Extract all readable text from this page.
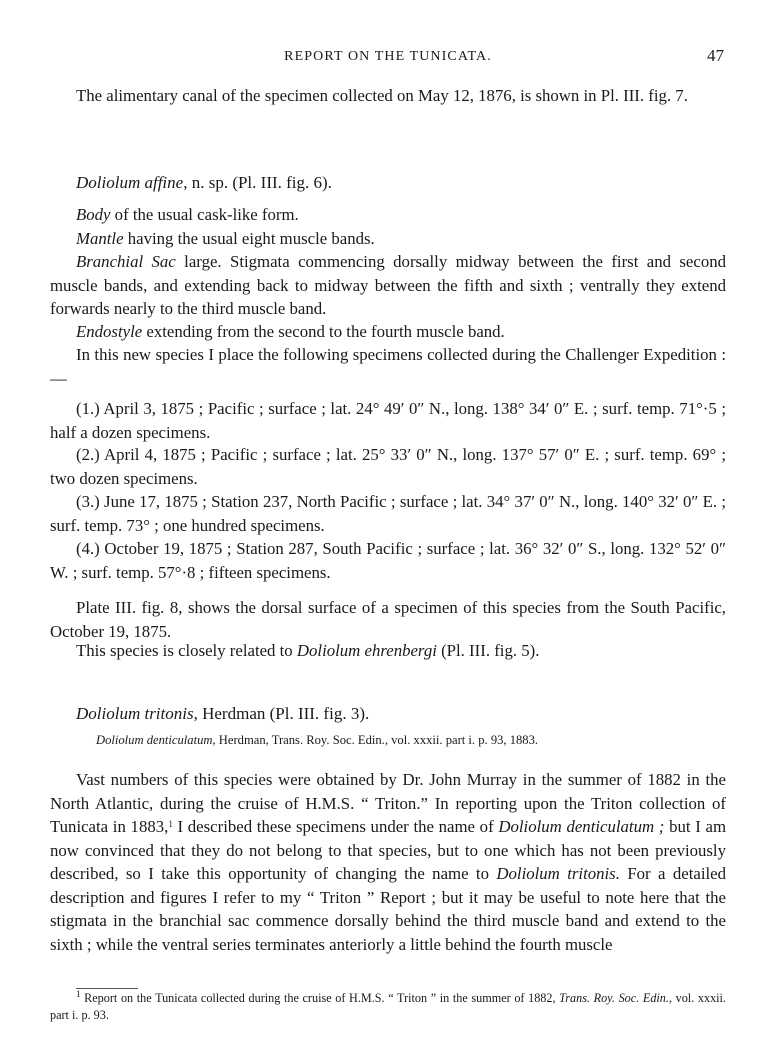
REPORT ON THE TUNICATA.	47

The alimentary canal of the specimen collected on May 12, 1876, is shown in Pl. III. fig. 7.

Doliolum affine, n. sp. (Pl. III. fig. 6).

Body of the usual cask-like form.

Mantle having the usual eight muscle bands.

Branchial Sac large. Stigmata commencing dorsally midway between the first and second muscle bands, and extending back to midway between the fifth and sixth ; ventrally they extend forwards nearly to the third muscle band.

Endostyle extending from the second to the fourth muscle band.

In this new species I place the following specimens collected during the Challenger Expedition :—

(1.) April 3, 1875 ; Pacific ; surface ; lat. 24° 49′ 0″ N., long. 138° 34′ 0″ E. ; surf. temp. 71°·5 ; half a dozen specimens.

(2.) April 4, 1875 ; Pacific ; surface ; lat. 25° 33′ 0″ N., long. 137° 57′ 0″ E. ; surf. temp. 69° ; two dozen specimens.

(3.) June 17, 1875 ; Station 237, North Pacific ; surface ; lat. 34° 37′ 0″ N., long. 140° 32′ 0″ E. ; surf. temp. 73° ; one hundred specimens.

(4.) October 19, 1875 ; Station 287, South Pacific ; surface ; lat. 36° 32′ 0″ S., long. 132° 52′ 0″ W. ; surf. temp. 57°·8 ; fifteen specimens.

Plate III. fig. 8, shows the dorsal surface of a specimen of this species from the South Pacific, October 19, 1875.

This species is closely related to Doliolum ehrenbergi (Pl. III. fig. 5).

Doliolum tritonis, Herdman (Pl. III. fig. 3).

Doliolum denticulatum, Herdman, Trans. Roy. Soc. Edin., vol. xxxii. part i. p. 93, 1883.

Vast numbers of this species were obtained by Dr. John Murray in the summer of 1882 in the North Atlantic, during the cruise of H.M.S. “ Triton.” In reporting upon the Triton collection of Tunicata in 1883,$^1$ I described these specimens under the name of Doliolum denticulatum ; but I am now convinced that they do not belong to that species, but to one which has not been previously described, so I take this opportunity of changing the name to Doliolum tritonis. For a detailed description and figures I refer to my “ Triton ” Report ; but it may be useful to note here that the stigmata in the branchial sac commence dorsally behind the third muscle band and extend to the sixth ; while the ventral series terminates anteriorly a little behind the fourth muscle

$^1$ Report on the Tunicata collected during the cruise of H.M.S. “ Triton ” in the summer of 1882, Trans. Roy. Soc. Edin., vol. xxxii. part i. p. 93.
